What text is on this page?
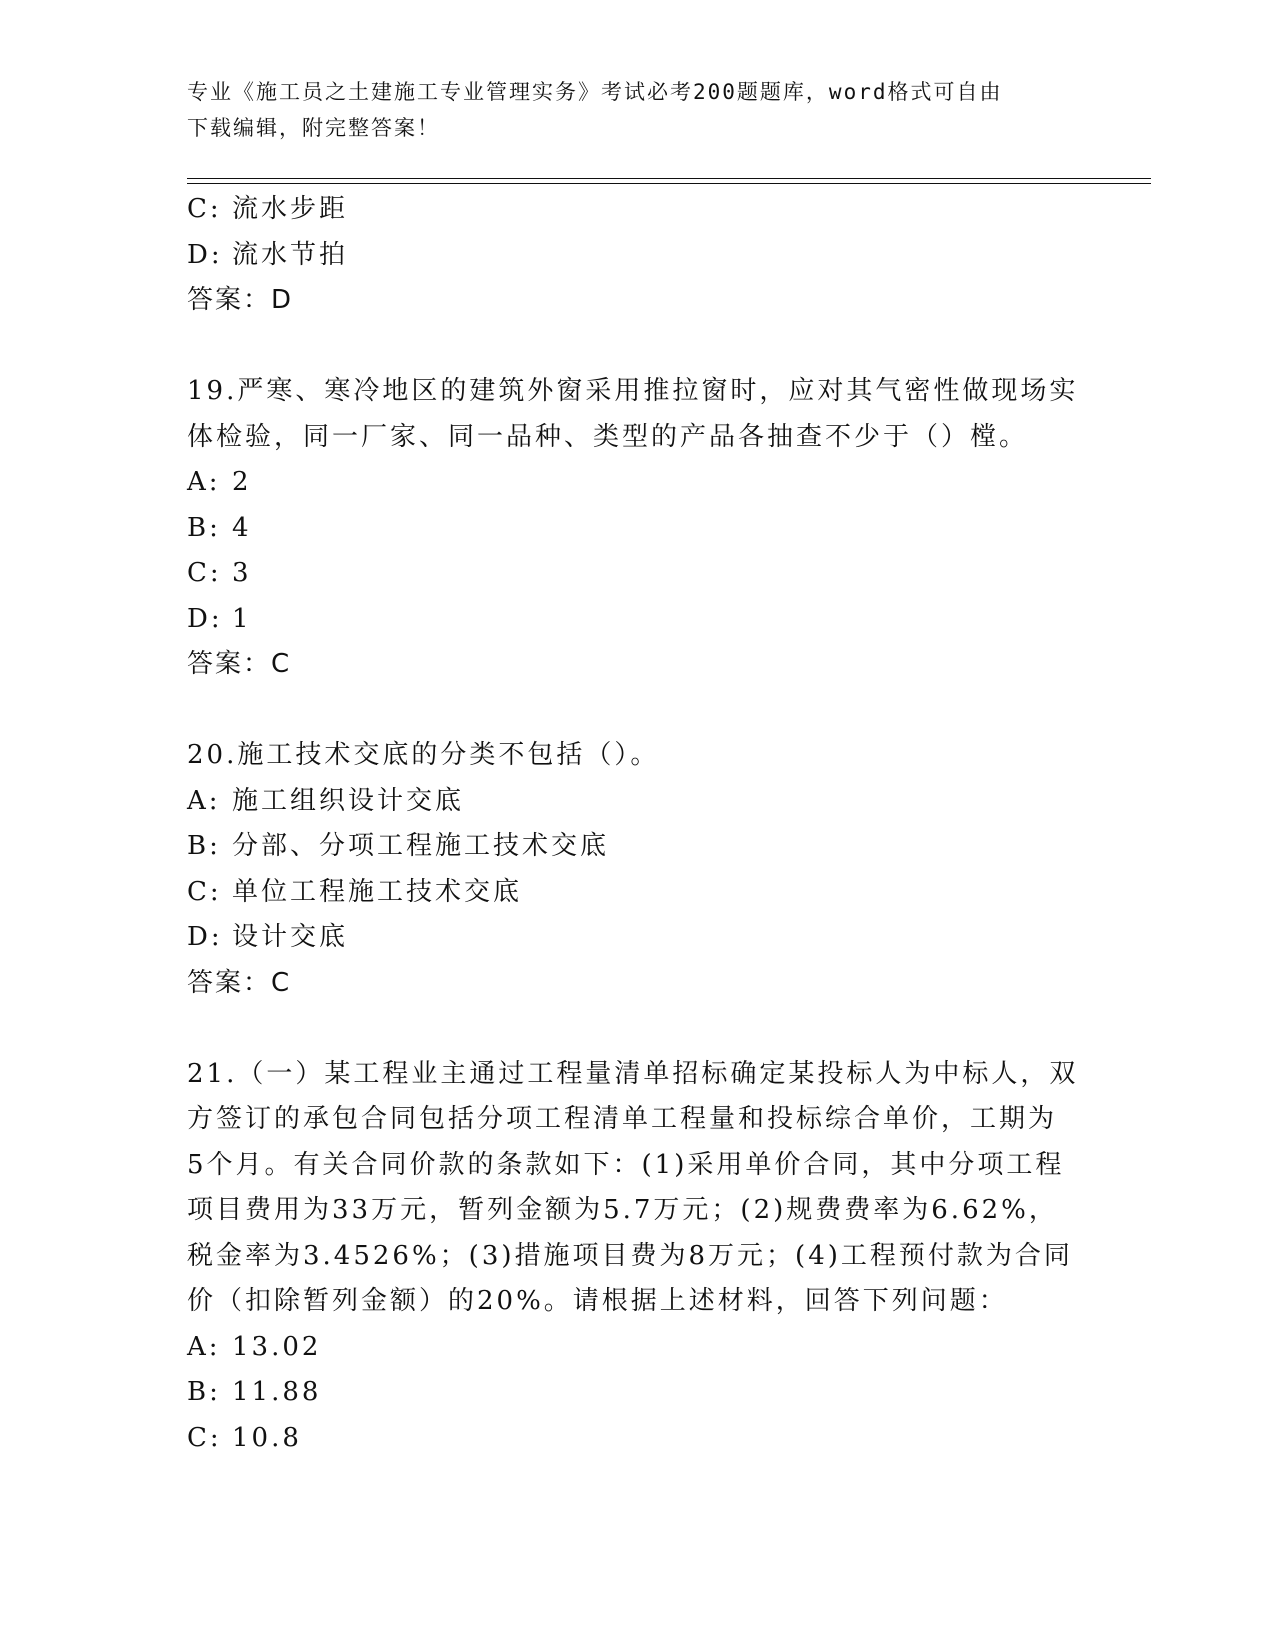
专业《施工员之土建施工专业管理实务》考试必考200题题库，word格式可自由
下载编辑，附完整答案！
C: 流水步距
D: 流水节拍
答案：D
19.严寒、寒冷地区的建筑外窗采用推拉窗时，应对其气密性做现场实
体检验，同一厂家、同一品种、类型的产品各抽查不少于（）樘。
A: 2
B: 4
C: 3
D: 1
答案：C
20.施工技术交底的分类不包括（）。
A: 施工组织设计交底
B: 分部、分项工程施工技术交底
C: 单位工程施工技术交底
D: 设计交底
答案：C
21.（一）某工程业主通过工程量清单招标确定某投标人为中标人，双
方签订的承包合同包括分项工程清单工程量和投标综合单价，工期为
5个月。有关合同价款的条款如下：(1)采用单价合同，其中分项工程
项目费用为33万元，暂列金额为5.7万元；(2)规费费率为6.62%，
税金率为3.4526%；(3)措施项目费为8万元；(4)工程预付款为合同
价（扣除暂列金额）的20%。请根据上述材料，回答下列问题：
A: 13.02
B: 11.88
C: 10.8
